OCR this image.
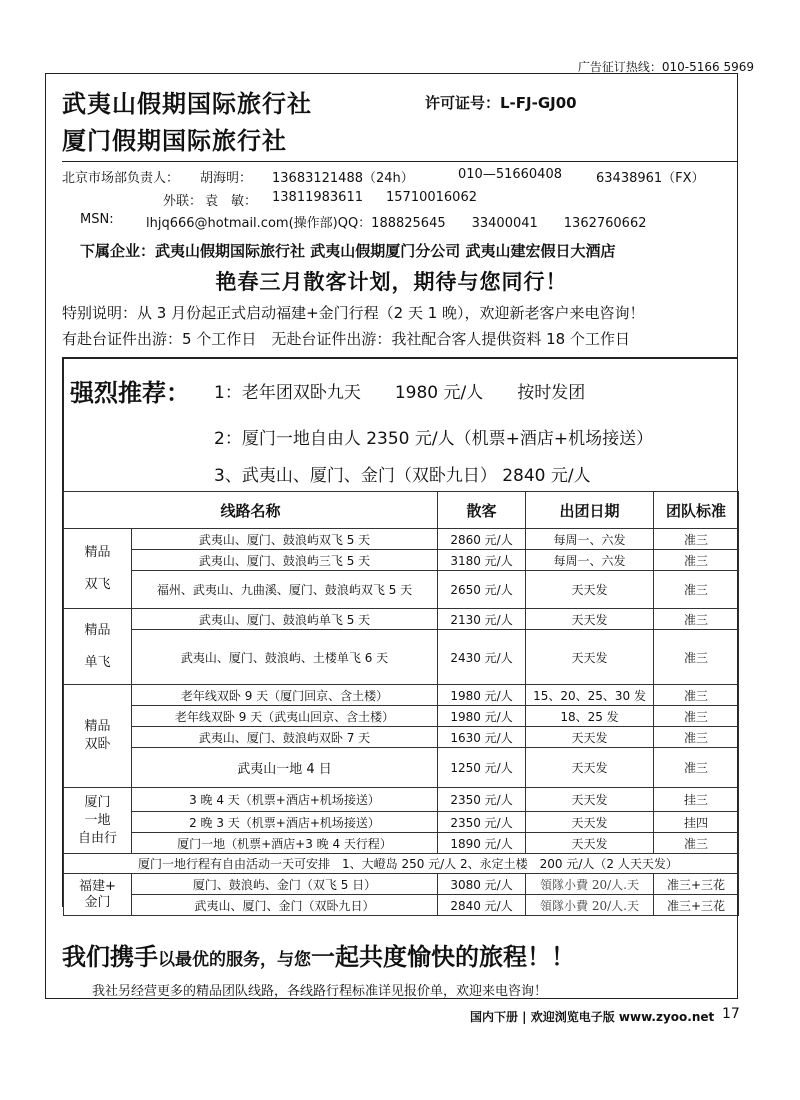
广告征订热线：010-5166 5969
武夷山假期国际旅行社
厦门假期国际旅行社
许可证号：L-FJ-GJ00
北京市场部负责人： 胡海明： 13683121488（24h）	010—51660408	63438961（FX）
外联： 袁　敏： 13811983611 15710016062
MSN: lhjq666@hotmail.com(操作部)QQ：188825645　　33400041　　1362760662
下属企业：武夷山假期国际旅行社 武夷山假期厦门分公司 武夷山建宏假日大酒店
艳春三月散客计划，期待与您同行！
特别说明：从 3 月份起正式启动福建+金门行程（2 天 1 晚），欢迎新老客户来电咨询！
有赴台证件出游：5 个工作日　无赴台证件出游：我社配合客人提供资料 18 个工作日
强烈推荐： 1：老年团双卧九天　　1980 元/人　　按时发团
2：厦门一地自由人 2350 元/人（机票+酒店+机场接送）
3、武夷山、厦门、金门（双卧九日） 2840 元/人
线路名称		散客	出团日期	团队标准
精品

双飞	武夷山、厦门、鼓浪屿双飞 5 天	2860 元/人	每周一、六发	准三
	武夷山、厦门、鼓浪屿三飞 5 天	3180 元/人	每周一、六发	准三
	福州、武夷山、九曲溪、厦门、鼓浪屿双飞 5 天	2650 元/人	天天发	准三
精品

单飞	武夷山、厦门、鼓浪屿单飞 5 天	2130 元/人	天天发	准三
	武夷山、厦门、鼓浪屿、土楼单飞 6 天	2430 元/人	天天发	准三
精品
双卧	老年线双卧 9 天（厦门回京、含土楼）	1980 元/人	15、20、25、30 发	准三
	老年线双卧 9 天（武夷山回京、含土楼）	1980 元/人	18、25 发	准三
	武夷山、厦门、鼓浪屿双卧 7 天	1630 元/人	天天发	准三
	武夷山一地 4 日	1250 元/人	天天发	准三
厦门
一地
自由行	3 晚 4 天（机票+酒店+机场接送）	2350 元/人	天天发	挂三
	2 晚 3 天（机票+酒店+机场接送）	2350 元/人	天天发	挂四
	厦门一地（机票+酒店+3 晚 4 天行程）	1890 元/人	天天发	准三
厦门一地行程有自由活动一天可安排　1、大嶝岛 250 元/人 2、永定土楼　200 元/人（2 人天天发）				
福建+
金门	厦门、鼓浪屿、金门（双飞 5 日）	3080 元/人	領隊小費 20/人.天	准三+三花
	武夷山、厦门、金门（双卧九日）	2840 元/人	領隊小費 20/人.天	准三+三花
我们携手以最优的服务，与您一起共度愉快的旅程！！
我社另经营更多的精品团队线路，各线路行程标准详见报价单，欢迎来电咨询！
国内下册 | 欢迎浏览电子版 www.zyoo.net 17
